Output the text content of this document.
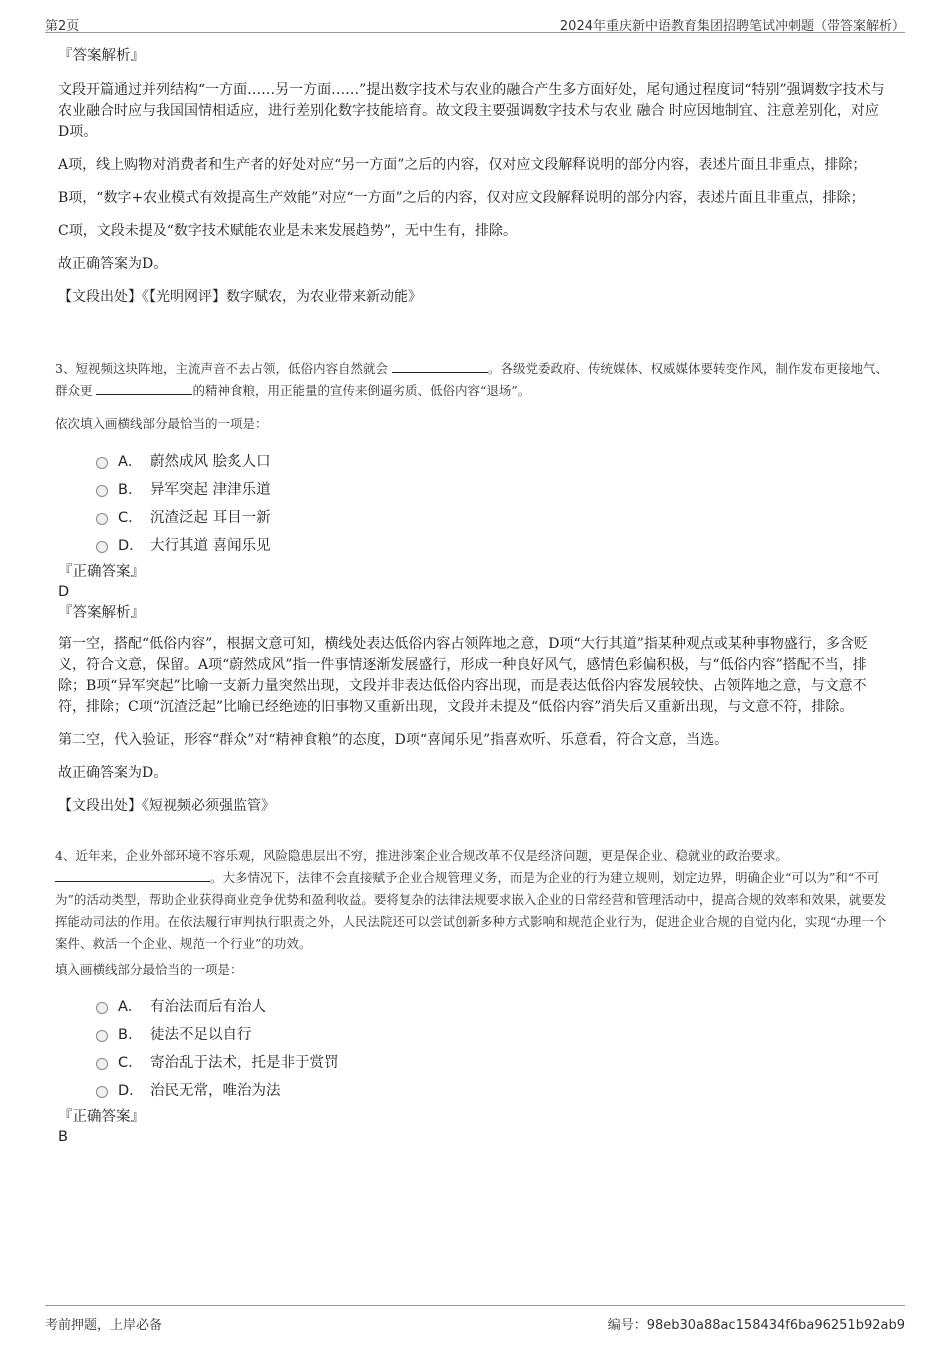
第2页	2024年重庆新中语教育集团招聘笔试冲刺题（带答案解析）
『答案解析』

文段开篇通过并列结构“一方面……另一方面……”提出数字技术与农业的融合产生多方面好处，尾句通过程度词“特别”强调数字技术与农业融合时应与我国国情相适应，进行差别化数字技能培育。故文段主要强调数字技术与农业 融合 时应因地制宜、注意差别化，对应D项。

A项，线上购物对消费者和生产者的好处对应“另一方面”之后的内容，仅对应文段解释说明的部分内容，表述片面且非重点，排除；

B项，“数字+农业模式有效提高生产效能”对应“一方面”之后的内容，仅对应文段解释说明的部分内容，表述片面且非重点，排除；

C项，文段未提及“数字技术赋能农业是未来发展趋势”，无中生有，排除。

故正确答案为D。

【文段出处】《【光明网评】数字赋农，为农业带来新动能》

3、短视频这块阵地，主流声音不去占领，低俗内容自然就会	。各级党委政府、传统媒体、权威媒体要转变作风，制作发布更接地气、群众更	的精神食粮，用正能量的宣传来倒逼劣质、低俗内容“退场”。
依次填入画横线部分最恰当的一项是：
A． 蔚然成风 脍炙人口
B． 异军突起 津津乐道
C． 沉渣泛起 耳目一新
D． 大行其道 喜闻乐见
『正确答案』
D
『答案解析』

第一空，搭配“低俗内容”，根据文意可知，横线处表达低俗内容占领阵地之意，D项“大行其道”指某种观点或某种事物盛行，多含贬义，符合文意，保留。A项“蔚然成风”指一件事情逐渐发展盛行，形成一种良好风气，感情色彩偏积极，与“低俗内容”搭配不当，排除；B项“异军突起”比喻一支新力量突然出现，文段并非表达低俗内容出现，而是表达低俗内容发展较快、占领阵地之意，与文意不符，排除；C项“沉渣泛起”比喻已经绝迹的旧事物又重新出现，文段并未提及“低俗内容”消失后又重新出现，与文意不符，排除。

第二空，代入验证，形容“群众”对“精神食粮”的态度，D项“喜闻乐见”指喜欢听、乐意看，符合文意，当选。

故正确答案为D。

【文段出处】《短视频必须强监管》

4、近年来，企业外部环境不容乐观，风险隐患层出不穷，推进涉案企业合规改革不仅是经济问题，更是保企业、稳就业的政治要求。。大多情况下，法律不会直接赋予企业合规管理义务，而是为企业的行为建立规则，划定边界，明确企业“可以为”和“不可为”的活动类型，帮助企业获得商业竞争优势和盈利收益。要将复杂的法律法规要求嵌入企业的日常经营和管理活动中，提高合规的效率和效果，就要发挥能动司法的作用。在依法履行审判执行职责之外，人民法院还可以尝试创新多种方式影响和规范企业行为，促进企业合规的自觉内化，实现“办理一个案件、救活一个企业、规范一个行业”的功效。
填入画横线部分最恰当的一项是：
A． 有治法而后有治人
B． 徒法不足以自行
C． 寄治乱于法术，托是非于赏罚
D． 治民无常，唯治为法
『正确答案』
B
考前押题，上岸必备	编号：98eb30a88ac158434f6ba96251b92ab9
